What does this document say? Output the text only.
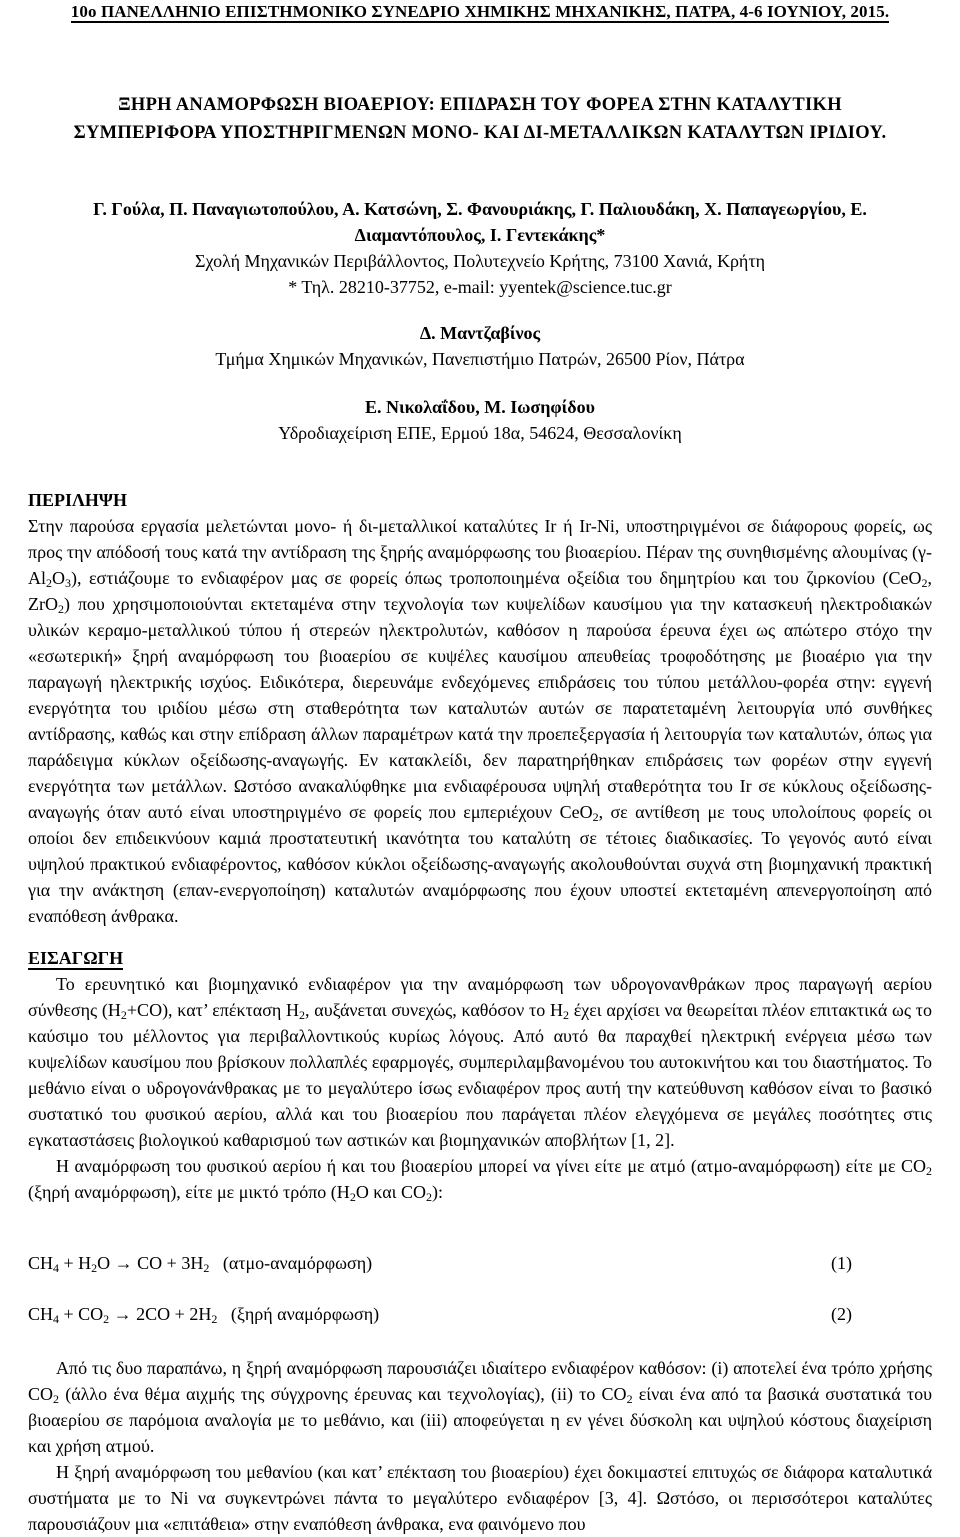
10ο ΠΑΝΕΛΛΗΝΙΟ ΕΠΙΣΤΗΜΟΝΙΚΟ ΣΥΝΕΔΡΙΟ ΧΗΜΙΚΗΣ ΜΗΧΑΝΙΚΗΣ, ΠΑΤΡΑ, 4-6 ΙΟΥΝΙΟΥ, 2015.
ΞΗΡΗ ΑΝΑΜΟΡΦΩΣΗ ΒΙΟΑΕΡΙΟΥ: ΕΠΙΔΡΑΣΗ ΤΟΥ ΦΟΡΕΑ ΣΤΗΝ ΚΑΤΑΛΥΤΙΚΗ
ΣΥΜΠΕΡΙΦΟΡΑ ΥΠΟΣΤΗΡΙΓΜΕΝΩΝ ΜΟΝΟ- ΚΑΙ ΔΙ-ΜΕΤΑΛΛΙΚΩΝ ΚΑΤΑΛΥΤΩΝ ΙΡΙΔΙΟΥ.
Γ. Γούλα, Π. Παναγιωτοπούλου, Α. Κατσώνη, Σ. Φανουριάκης, Γ. Παλιουδάκη, Χ. Παπαγεωργίου, Ε.
Διαμαντόπουλος, Ι. Γεντεκάκης*
Σχολή Μηχανικών Περιβάλλοντος, Πολυτεχνείο Κρήτης, 73100 Χανιά, Κρήτη
* Τηλ. 28210-37752, e-mail: yyentek@science.tuc.gr
Δ. Μαντζαβίνος
Τμήμα Χημικών Μηχανικών, Πανεπιστήμιο Πατρών, 26500 Ρίον, Πάτρα
Ε. Νικολαΐδου, Μ. Ιωσηφίδου
Υδροδιαχείριση ΕΠΕ, Ερμού 18α, 54624, Θεσσαλονίκη
ΠΕΡΙΛΗΨΗ

Στην παρούσα εργασία μελετώνται μονο- ή δι-μεταλλικοί καταλύτες Ir ή Ir-Ni, υποστηριγμένοι σε διάφορους φορείς, ως προς την απόδοσή τους κατά την αντίδραση της ξηρής αναμόρφωσης του βιοαερίου. Πέραν της συνηθισμένης αλουμίνας $(\gamma-Al_2O_3)$, εστιάζουμε το ενδιαφέρον μας σε φορείς όπως τροποποιημένα οξείδια του δημητρίου και του ζιρκονίου (CeO$_2$, ZrO$_2$) που χρησιμοποιούνται εκτεταμένα στην τεχνολογία των κυψελίδων καυσίμου για την κατασκευή ηλεκτροδιακών υλικών κεραμο-μεταλλικού τύπου ή στερεών ηλεκτρολυτών, καθόσον η παρούσα έρευνα έχει ως απώτερο στόχο την «εσωτερική» ξηρή αναμόρφωση του βιοαερίου σε κυψέλες καυσίμου απευθείας τροφοδότησης με βιοαέριο για την παραγωγή ηλεκτρικής ισχύος. Ειδικότερα, διερευνάμε ενδεχόμενες επιδράσεις του τύπου μετάλλου-φορέα στην: εγγενή ενεργότητα του ιριδίου μέσω στη σταθερότητα των καταλυτών αυτών σε παρατεταμένη λειτουργία υπό συνθήκες αντίδρασης, καθώς και στην επίδραση άλλων παραμέτρων κατά την προεπεξεργασία ή λειτουργία των καταλυτών, όπως για παράδειγμα κύκλων οξείδωσης-αναγωγής. Εν κατακλείδι, δεν παρατηρήθηκαν επιδράσεις των φορέων στην εγγενή ενεργότητα των μετάλλων. Ωστόσο ανακαλύφθηκε μια ενδιαφέρουσα υψηλή σταθερότητα του Ir σε κύκλους οξείδωσης-αναγωγής όταν αυτό είναι υποστηριγμένο σε φορείς που εμπεριέχουν CeO$_2$, σε αντίθεση με τους υπολοίπους φορείς οι οποίοι δεν επιδεικνύουν καμιά προστατευτική ικανότητα του καταλύτη σε τέτοιες διαδικασίες. Το γεγονός αυτό είναι υψηλού πρακτικού ενδιαφέροντος, καθόσον κύκλοι οξείδωσης-αναγωγής ακολουθούνται συχνά στη βιομηχανική πρακτική για την ανάκτηση (επαν-ενεργοποίηση) καταλυτών αναμόρφωσης που έχουν υποστεί εκτεταμένη απενεργοποίηση από εναπόθεση άνθρακα.

ΕΙΣΑΓΩΓΗ

Το ερευνητικό και βιομηχανικό ενδιαφέρον για την αναμόρφωση των υδρογονανθράκων προς παραγωγή αερίου σύνθεσης $(H_2+CO)$, κατ’ επέκταση $H_2$, αυξάνεται συνεχώς, καθόσον το $H_2$ έχει αρχίσει να θεωρείται πλέον επιτακτικά ως το καύσιμο του μέλλοντος για περιβαλλοντικούς κυρίως λόγους. Από αυτό θα παραχθεί ηλεκτρική ενέργεια μέσω των κυψελίδων καυσίμου που βρίσκουν πολλαπλές εφαρμογές, συμπεριλαμβανομένου του αυτοκινήτου και του διαστήματος. Το μεθάνιο είναι ο υδρογονάνθρακας με το μεγαλύτερο ίσως ενδιαφέρον προς αυτή την κατεύθυνση καθόσον είναι το βασικό συστατικό του φυσικού αερίου, αλλά και του βιοαερίου που παράγεται πλέον ελεγχόμενα σε μεγάλες ποσότητες στις εγκαταστάσεις βιολογικού καθαρισμού των αστικών και βιομηχανικών αποβλήτων [1, 2].

Η αναμόρφωση του φυσικού αερίου ή και του βιοαερίου μπορεί να γίνει είτε με ατμό (ατμο-αναμόρφωση) είτε με $CO_2$ (ξηρή αναμόρφωση), είτε με μικτό τρόπο ($H_2O$ και $CO_2$):

$CH_4 + H_2O$ → CO + $3H_2$ (ατμο-αναμόρφωση)	(1)
$CH_4 + CO_2 \to 2CO + 2H_2$ (ξηρή αναμόρφωση)	(2)

Από τις δυο παραπάνω, η ξηρή αναμόρφωση παρουσιάζει ιδιαίτερο ενδιαφέρον καθόσον: (i) αποτελεί ένα τρόπο χρήσης $CO_2$ (άλλο ένα θέμα αιχμής της σύγχρονης έρευνας και τεχνολογίας), (ii) το $CO_2$ είναι ένα από τα βασικά συστατικά του βιοαερίου σε παρόμοια αναλογία με το μεθάνιο, και (iii) αποφεύγεται η εν γένει δύσκολη και υψηλού κόστους διαχείριση και χρήση ατμού.

Η ξηρή αναμόρφωση του μεθανίου (και κατ’ επέκταση του βιοαερίου) έχει δοκιμαστεί επιτυχώς σε διάφορα καταλυτικά συστήματα με το Ni να συγκεντρώνει πάντα το μεγαλύτερο ενδιαφέρον [3, 4]. Ωστόσο, οι περισσότεροι καταλύτες παρουσιάζουν μια «επιτάθεια» στην εναπόθεση άνθρακα, ενα φαινόμενο που
